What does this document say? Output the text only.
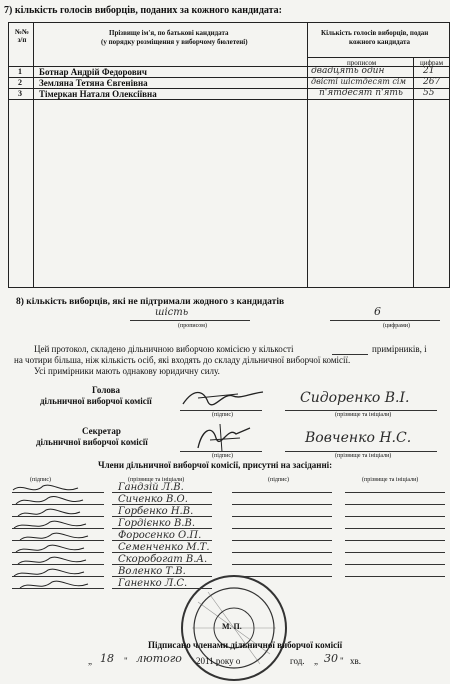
7) кількість голосів виборців, поданих за кожного кандидата:
№№ з/п
Прізвище ім'я, по батькові кандидата
(у порядку розміщення у виборчому бюлетені)
Кількість голосів виборців, подан
кожного кандидата
прописом	цифрам
1 Ботнар Андрій Федорович	двадцять один	21
2 Землянa Тетяна Євгенівна	двісті шістдесят сім 267
3 Тімеркан Наталя Олексіївна	п'ятдесят п'ять 55
8) кількість виборців, які не підтримали жодного з кандидатів
шість	6
(прописом)	(цифрами)
Цей протокол, складено дільничною виборчою комісією у кількості	примірників, і
на чотири більша, ніж кількість осіб, які входять до складу дільничної виборчої комісії.
Усі примірники мають однакову юридичну силу.
Голова
дільничної виборчої комісії
(підпис)
Сидоренко В.І.
(прізвище та ініціали)
Секретар
дільничної виборчої комісії
(підпис)
Вовченко Н.С.
(прізвище та ініціали)
Члени дільничної виборчої комісії, присутні на засіданні:
(підпис)	(прізвище та ініціали)	(підпис)	(прізвище та ініціали)
Гандзій Л.В.
Сиченко В.О.
Горбенко Н.В.
Гордієнко В.В.
Форосенко О.П.
Семенченко М.Т.
Скоробогат В.А.
Воленко Т.В.
Ганенко Л.С.
М. П.
Підписано членами дільничної виборчої комісії
„ 18 " лютого 2011 року о	год. „ 30 " хв.
